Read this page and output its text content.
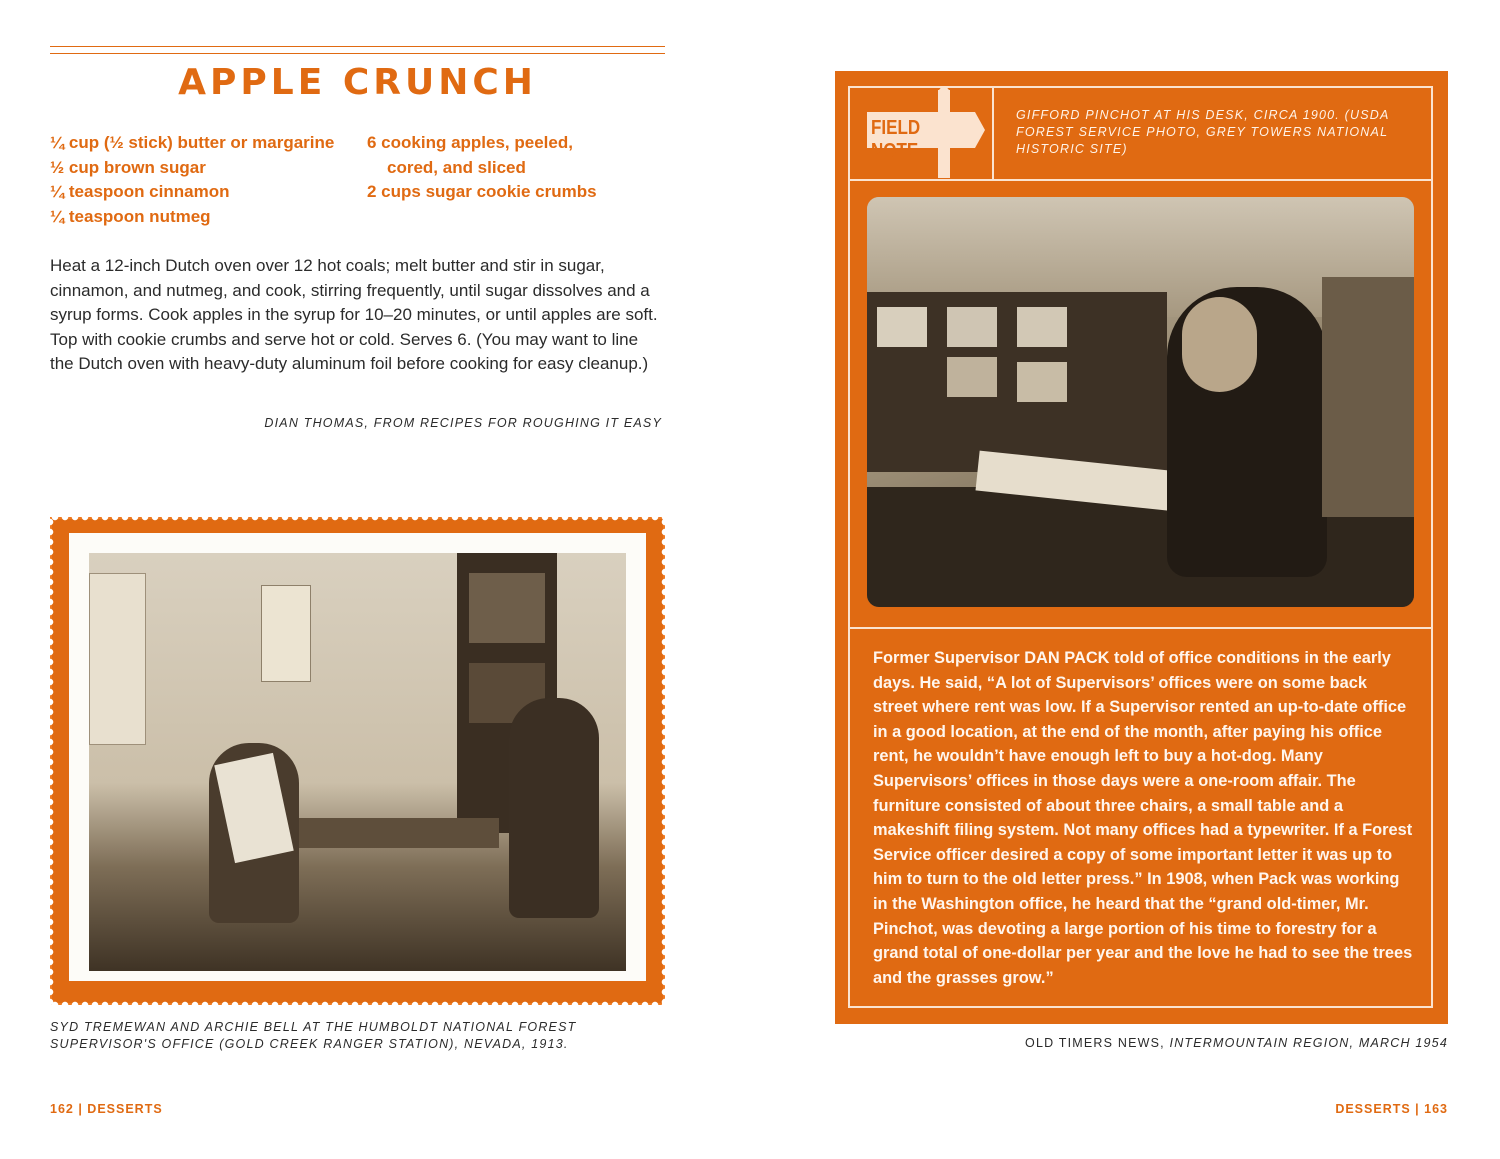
APPLE CRUNCH
¼ cup (½ stick) butter or margarine
½ cup brown sugar
¼ teaspoon cinnamon
¼ teaspoon nutmeg
6 cooking apples, peeled,
cored, and sliced
2 cups sugar cookie crumbs
Heat a 12-inch Dutch oven over 12 hot coals; melt butter and stir in sugar, cinnamon, and nutmeg, and cook, stirring frequently, until sugar dissolves and a syrup forms. Cook apples in the syrup for 10–20 minutes, or until apples are soft. Top with cookie crumbs and serve hot or cold. Serves 6. (You may want to line the Dutch oven with heavy-duty aluminum foil before cooking for easy cleanup.)
DIAN THOMAS, FROM RECIPES FOR ROUGHING IT EASY
SYD TREMEWAN AND ARCHIE BELL AT THE HUMBOLDT NATIONAL FOREST SUPERVISOR'S OFFICE (GOLD CREEK RANGER STATION), NEVADA, 1913.
162 | DESSERTS
FIELD NOTE
GIFFORD PINCHOT AT HIS DESK, CIRCA 1900. (USDA FOREST SERVICE PHOTO, GREY TOWERS NATIONAL HISTORIC SITE)
Former Supervisor DAN PACK told of office conditions in the early days. He said, “A lot of Supervisors’ offices were on some back street where rent was low. If a Supervisor rented an up-to-date office in a good location, at the end of the month, after paying his office rent, he wouldn’t have enough left to buy a hot-dog. Many Supervisors’ offices in those days were a one-room affair. The furniture consisted of about three chairs, a small table and a makeshift filing system. Not many offices had a typewriter. If a Forest Service officer desired a copy of some important letter it was up to him to turn to the old letter press.” In 1908, when Pack was working in the Washington office, he heard that the “grand old-timer, Mr. Pinchot, was devoting a large portion of his time to forestry for a grand total of one-dollar per year and the love he had to see the trees and the grasses grow.”
OLD TIMERS NEWS, INTERMOUNTAIN REGION, MARCH 1954
DESSERTS | 163
